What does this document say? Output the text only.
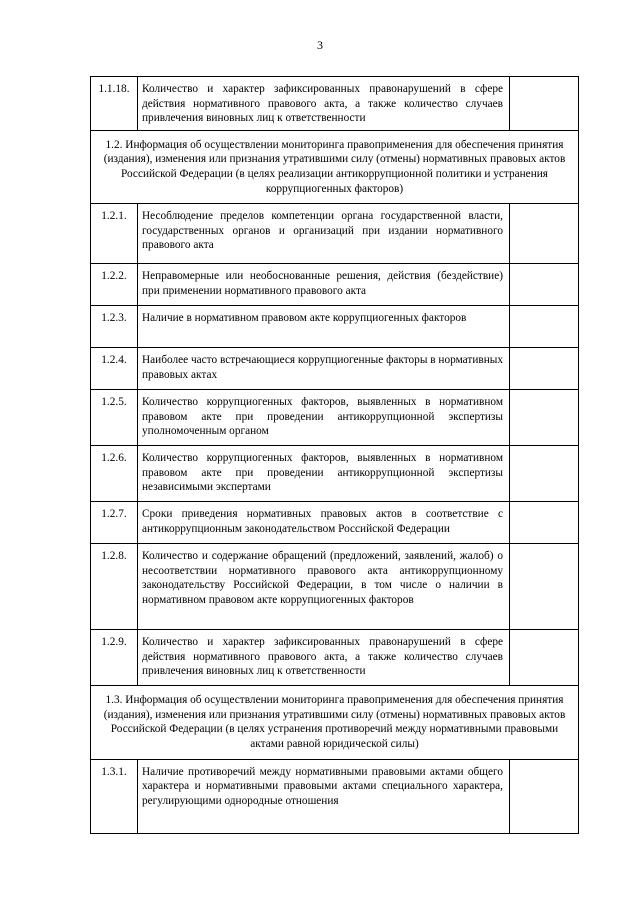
3
1.1.18.	Количество и характер зафиксированных правонарушений в сфере действия нормативного правового акта, а также количество случаев привлечения виновных лиц к ответственности	
1.2. Информация об осуществлении мониторинга правоприменения для обеспечения принятия (издания), изменения или признания утратившими силу (отмены) нормативных правовых актов Российской Федерации (в целях реализации антикоррупционной политики и устранения коррупциогенных факторов)		
1.2.1.	Несоблюдение пределов компетенции органа государственной власти, государственных органов и организаций при издании нормативного правового акта	
1.2.2.	Неправомерные или необоснованные решения, действия (бездействие) при применении нормативного правового акта	
1.2.3.	Наличие в нормативном правовом акте коррупциогенных факторов	
1.2.4.	Наиболее часто встречающиеся коррупциогенные факторы в нормативных правовых актах	
1.2.5.	Количество коррупциогенных факторов, выявленных в нормативном правовом акте при проведении антикоррупционной экспертизы уполномоченным органом	
1.2.6.	Количество коррупциогенных факторов, выявленных в нормативном правовом акте при проведении антикоррупционной экспертизы независимыми экспертами	
1.2.7.	Сроки приведения нормативных правовых актов в соответствие с антикоррупционным законодательством Российской Федерации	
1.2.8.	Количество и содержание обращений (предложений, заявлений, жалоб) о несоответствии нормативного правового акта антикоррупционному законодательству Российской Федерации, в том числе о наличии в нормативном правовом акте коррупциогенных факторов	
1.2.9.	Количество и характер зафиксированных правонарушений в сфере действия нормативного правового акта, а также количество случаев привлечения виновных лиц к ответственности	
1.3. Информация об осуществлении мониторинга правоприменения для обеспечения принятия (издания), изменения или признания утратившими силу (отмены) нормативных правовых актов Российской Федерации (в целях устранения противоречий между нормативными правовыми актами равной юридической силы)		
1.3.1.	Наличие противоречий между нормативными правовыми актами общего характера и нормативными правовыми актами специального характера, регулирующими однородные отношения	
